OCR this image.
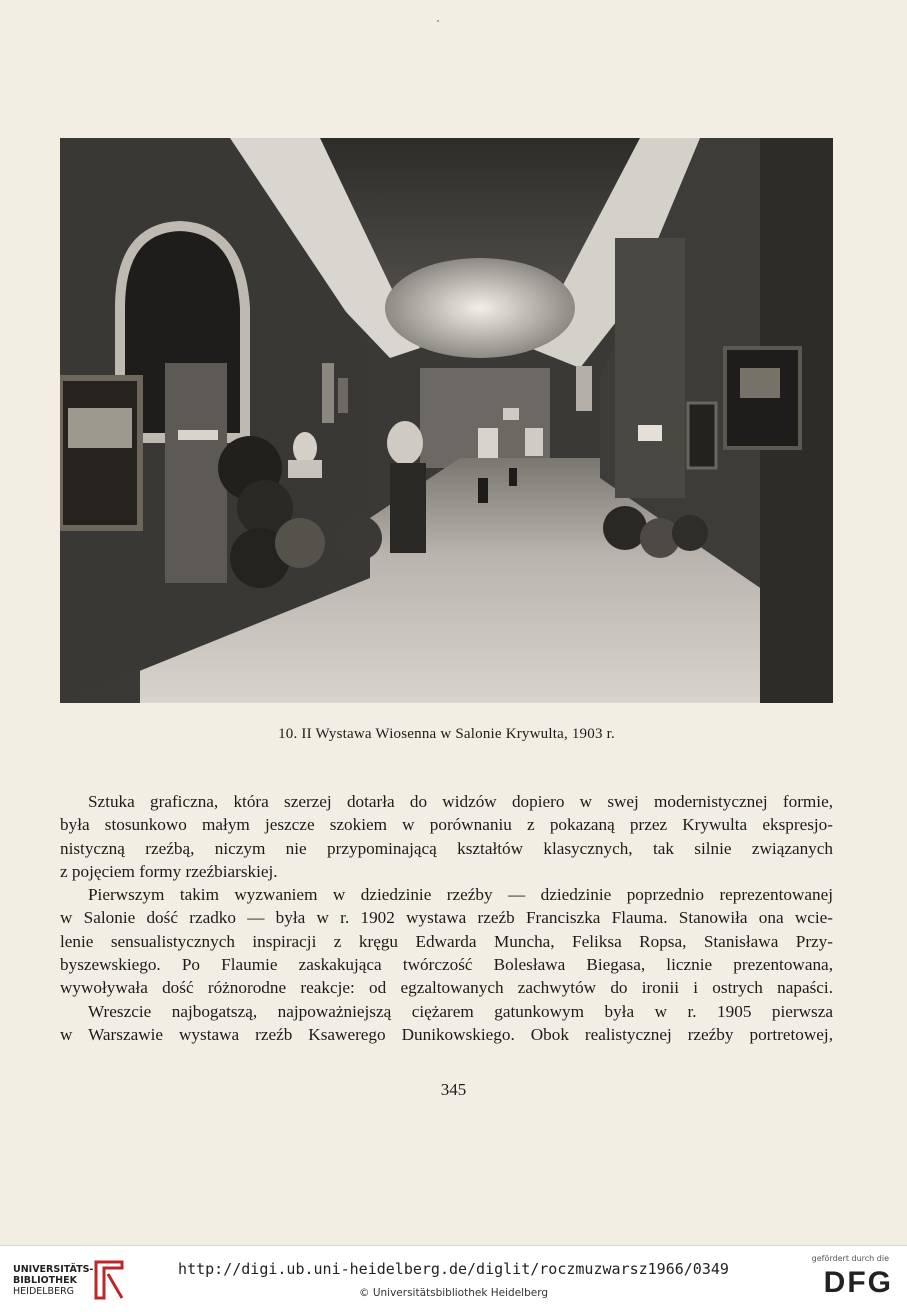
10. II Wystawa Wiosenna w Salonie Krywulta, 1903 r.
Sztuka graficzna, która szerzej dotarła do widzów dopiero w swej modernistycznej formie,
była stosunkowo małym jeszcze szokiem w porównaniu z pokazaną przez Krywulta ekspresjo-
nistyczną rzeźbą, niczym nie przypominającą kształtów klasycznych, tak silnie związanych
z pojęciem formy rzeźbiarskiej.
Pierwszym takim wyzwaniem w dziedzinie rzeźby — dziedzinie poprzednio reprezentowanej
w Salonie dość rzadko — była w r. 1902 wystawa rzeźb Franciszka Flauma. Stanowiła ona wcie-
lenie sensualistycznych inspiracji z kręgu Edwarda Muncha, Feliksa Ropsa, Stanisława Przy-
byszewskiego. Po Flaumie zaskakująca twórczość Bolesława Biegasa, licznie prezentowana,
wywoływała dość różnorodne reakcje: od egzaltowanych zachwytów do ironii i ostrych napaści.
Wreszcie najbogatszą, najpoważniejszą ciężarem gatunkowym była w r. 1905 pierwsza
w Warszawie wystawa rzeźb Ksawerego Dunikowskiego. Obok realistycznej rzeźby portretowej,
345
UNIVERSITÄTS-
BIBLIOTHEK
HEIDELBERG
http://digi.ub.uni-heidelberg.de/diglit/roczmuzwarsz1966/0349
© Universitätsbibliothek Heidelberg
gefördert durch die
DFG
